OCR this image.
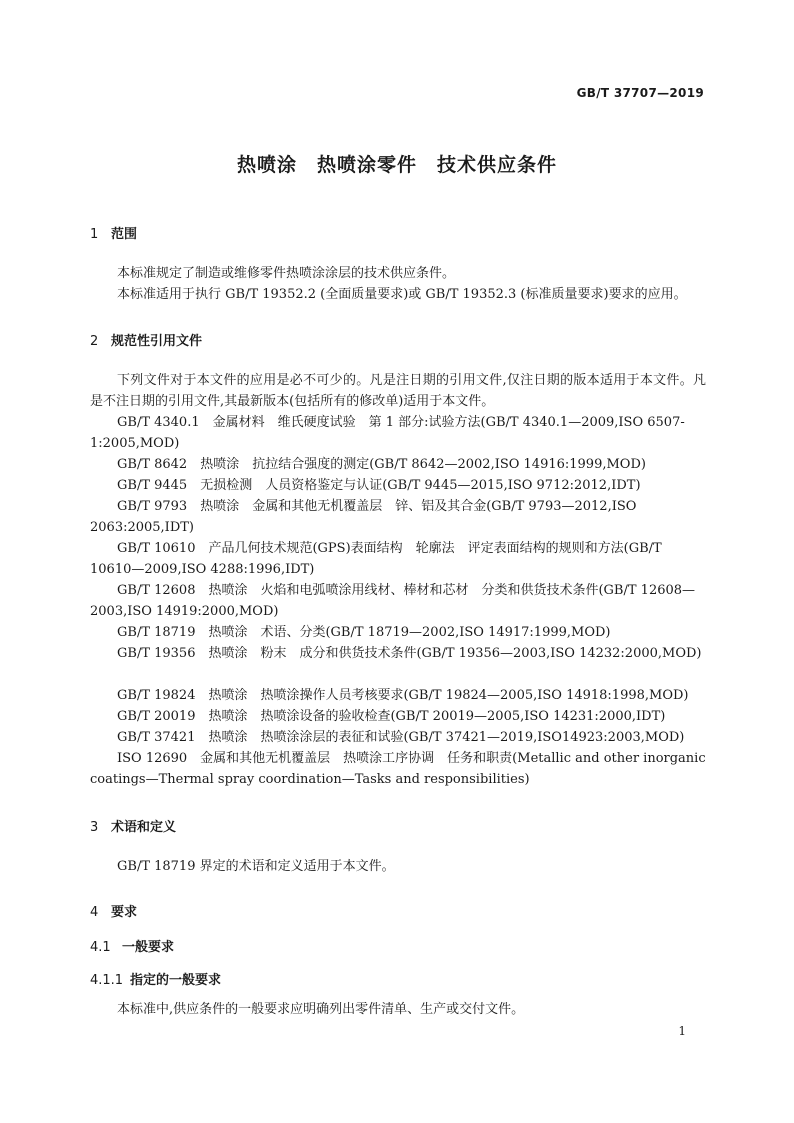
GB/T 37707—2019
热喷涂　热喷涂零件　技术供应条件
1 范围
本标准规定了制造或维修零件热喷涂涂层的技术供应条件。
本标准适用于执行 GB/T 19352.2 (全面质量要求)或 GB/T 19352.3 (标准质量要求)要求的应用。
2 规范性引用文件
下列文件对于本文件的应用是必不可少的。凡是注日期的引用文件,仅注日期的版本适用于本文件。凡是不注日期的引用文件,其最新版本(包括所有的修改单)适用于本文件。
GB/T 4340.1　金属材料　维氏硬度试验　第 1 部分:试验方法(GB/T 4340.1—2009,ISO 6507-1:2005,MOD)
GB/T 8642　热喷涂　抗拉结合强度的测定(GB/T 8642—2002,ISO 14916:1999,MOD)
GB/T 9445　无损检测　人员资格鉴定与认证(GB/T 9445—2015,ISO 9712:2012,IDT)
GB/T 9793　热喷涂　金属和其他无机覆盖层　锌、铝及其合金(GB/T 9793—2012,ISO 2063:2005,IDT)
GB/T 10610　产品几何技术规范(GPS)表面结构　轮廓法　评定表面结构的规则和方法(GB/T 10610—2009,ISO 4288:1996,IDT)
GB/T 12608　热喷涂　火焰和电弧喷涂用线材、棒材和芯材　分类和供货技术条件(GB/T 12608—2003,ISO 14919:2000,MOD)
GB/T 18719　热喷涂　术语、分类(GB/T 18719—2002,ISO 14917:1999,MOD)
GB/T 19356　热喷涂　粉末　成分和供货技术条件(GB/T 19356—2003,ISO 14232:2000,MOD)
GB/T 19824　热喷涂　热喷涂操作人员考核要求(GB/T 19824—2005,ISO 14918:1998,MOD)
GB/T 20019　热喷涂　热喷涂设备的验收检查(GB/T 20019—2005,ISO 14231:2000,IDT)
GB/T 37421　热喷涂　热喷涂涂层的表征和试验(GB/T 37421—2019,ISO14923:2003,MOD)
ISO 12690　金属和其他无机覆盖层　热喷涂工序协调　任务和职责(Metallic and other inorganic coatings—Thermal spray coordination—Tasks and responsibilities)
3 术语和定义
GB/T 18719 界定的术语和定义适用于本文件。
4 要求
4.1 一般要求
4.1.1 指定的一般要求
本标准中,供应条件的一般要求应明确列出零件清单、生产或交付文件。
1
